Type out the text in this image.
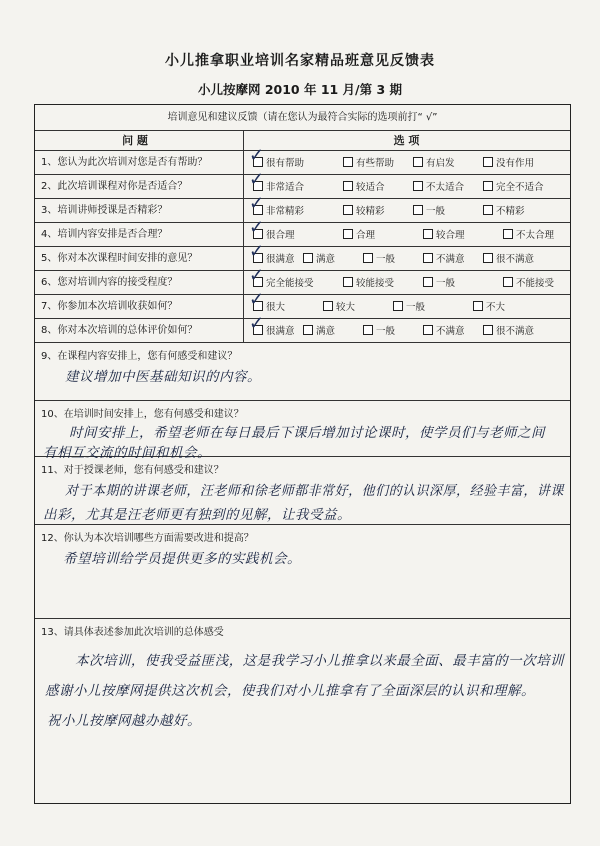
小儿推拿职业培训名家精品班意见反馈表
小儿按摩网 2010 年 11 月/第 3 期
培训意见和建议反馈（请在您认为最符合实际的选项前打“ √”
问 题	选 项
1、您认为此次培训对您是否有帮助？ ✓ 很有帮助	有些帮助	有启发	没有作用
2、此次培训课程对你是否适合？	✓ 非常适合	较适合	不太适合	完全不适合
3、培训讲师授课是否精彩？	✓ 非常精彩	较精彩	一般	不精彩
4、培训内容安排是否合理？	✓ 很合理	合理	较合理	不太合理
5、你对本次课程时间安排的意见？	✓ 很满意	满意	一般	不满意	很不满意
6、您对培训内容的接受程度？	✓ 完全能接受	较能接受	一般	不能接受
7、你参加本次培训收获如何？	✓ 很大	较大	一般	不大
8、你对本次培训的总体评价如何？	✓ 很满意	满意	一般	不满意	很不满意
9、在课程内容安排上，您有何感受和建议？
建议增加中医基础知识的内容。
10、在培训时间安排上，您有何感受和建议？
时间安排上，希望老师在每日最后下课后增加讨论课时，使学员们与老师之间
有相互交流的时间和机会。
11、对于授课老师，您有何感受和建议？
对于本期的讲课老师，汪老师和徐老师都非常好，他们的认识深厚，经验丰富，讲课
出彩，尤其是汪老师更有独到的见解，让我受益。
12、你认为本次培训哪些方面需要改进和提高？
希望培训给学员提供更多的实践机会。
13、请具体表述参加此次培训的总体感受
本次培训，使我受益匪浅，这是我学习小儿推拿以来最全面、最丰富的一次培训
感谢小儿按摩网提供这次机会，使我们对小儿推拿有了全面深层的认识和理解。
祝小儿按摩网越办越好。
